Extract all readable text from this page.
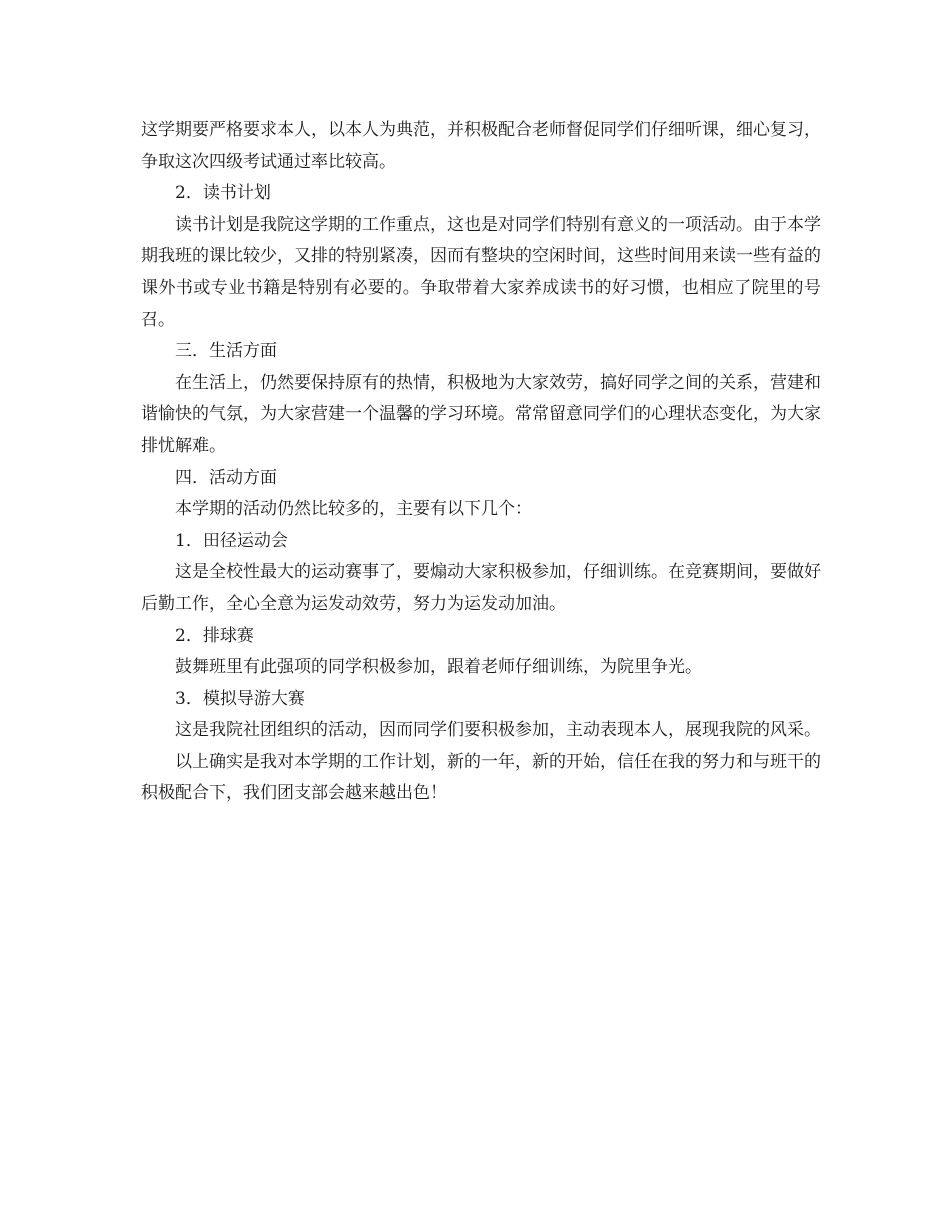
这学期要严格要求本人，以本人为典范，并积极配合老师督促同学们仔细听课，细心复习，争取这次四级考试通过率比较高。

2．读书计划

读书计划是我院这学期的工作重点，这也是对同学们特别有意义的一项活动。由于本学期我班的课比较少，又排的特别紧凑，因而有整块的空闲时间，这些时间用来读一些有益的课外书或专业书籍是特别有必要的。争取带着大家养成读书的好习惯，也相应了院里的号召。

三．生活方面

在生活上，仍然要保持原有的热情，积极地为大家效劳，搞好同学之间的关系，营建和谐愉快的气氛，为大家营建一个温馨的学习环境。常常留意同学们的心理状态变化，为大家排忧解难。

四．活动方面

本学期的活动仍然比较多的，主要有以下几个：

1．田径运动会

这是全校性最大的运动赛事了，要煽动大家积极参加，仔细训练。在竞赛期间，要做好后勤工作，全心全意为运发动效劳，努力为运发动加油。

2．排球赛

鼓舞班里有此强项的同学积极参加，跟着老师仔细训练，为院里争光。

3．模拟导游大赛

这是我院社团组织的活动，因而同学们要积极参加，主动表现本人，展现我院的风采。

以上确实是我对本学期的工作计划，新的一年，新的开始，信任在我的努力和与班干的积极配合下，我们团支部会越来越出色！
